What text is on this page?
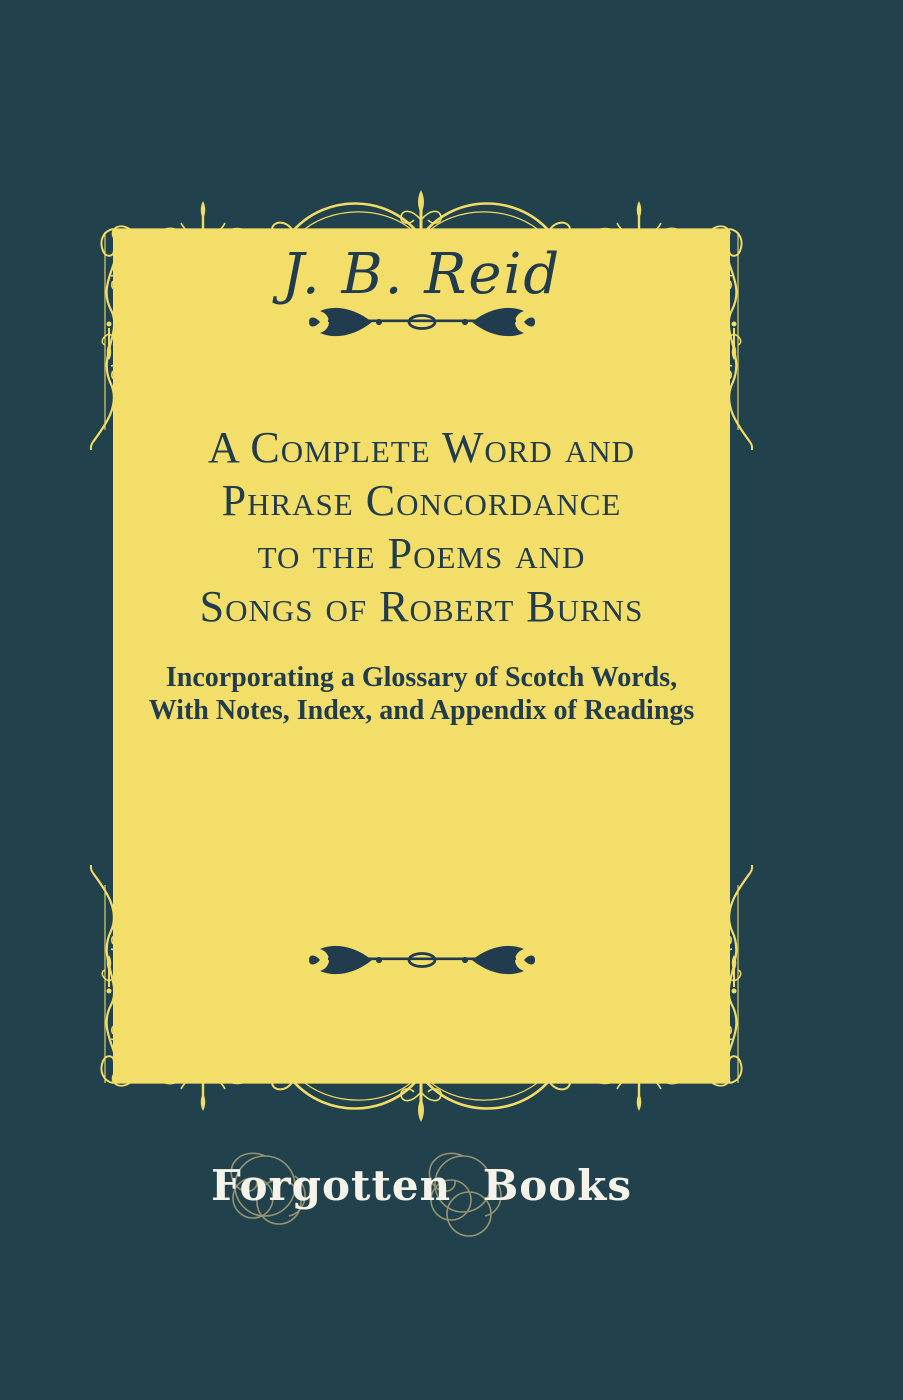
J. B. Reid
A Complete Word and
Phrase Concordance
to the Poems and
Songs of Robert Burns
Incorporating a Glossary of Scotch Words,
With Notes, Index, and Appendix of Readings
Forgotten Books
